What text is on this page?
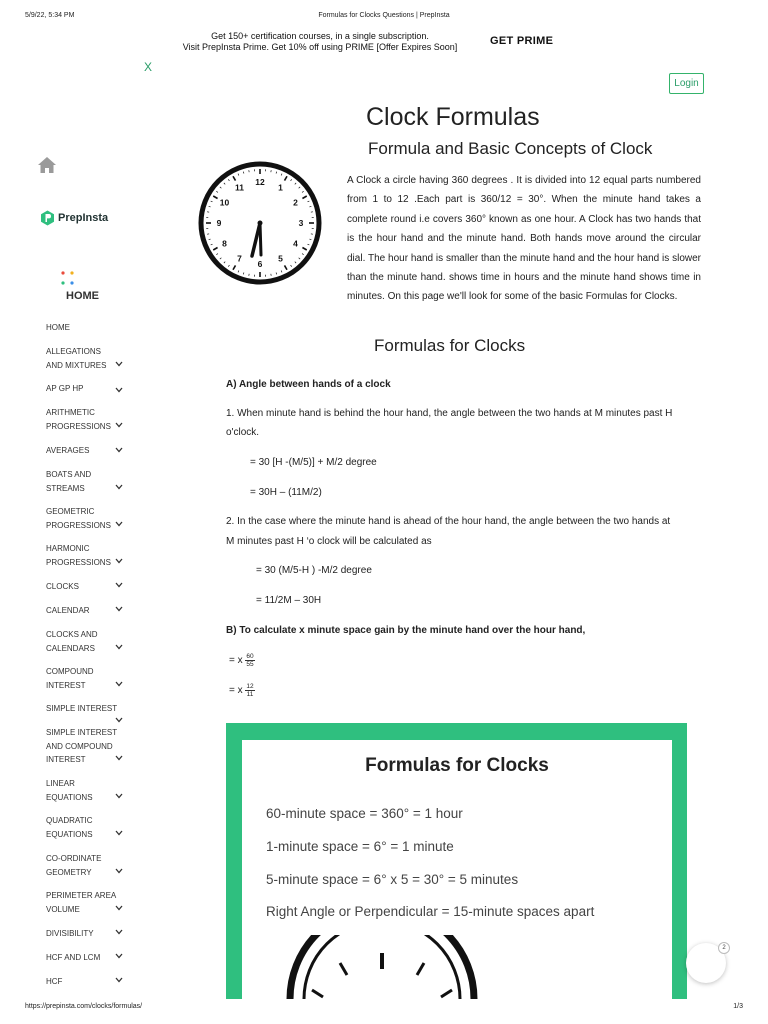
5/9/22, 5:34 PM	Formulas for Clocks Questions | PrepInsta
Get 150+ certification courses, in a single subscription.
Visit PrepInsta Prime. Get 10% off using PRIME [Offer Expires Soon]	GET PRIME
X
Login
PrepInsta
HOME
HOME
ALLEGATIONS
AND MIXTURES
AP GP HP
ARITHMETIC
PROGRESSIONS
AVERAGES
BOATS AND
STREAMS
GEOMETRIC
PROGRESSIONS
HARMONIC
PROGRESSIONS
CLOCKS
CALENDAR
CLOCKS AND
CALENDARS
COMPOUND
INTEREST
SIMPLE INTEREST
SIMPLE INTEREST
AND COMPOUND
INTEREST
LINEAR
EQUATIONS
QUADRATIC
EQUATIONS
CO-ORDINATE
GEOMETRY
PERIMETER AREA
VOLUME
DIVISIBILITY
HCF AND LCM
HCF
Clock Formulas
Formula and Basic Concepts of Clock
12
1
2
3
4
5
6
7
8
9
10
11
A Clock a circle having 360 degrees . It is divided into 12 equal parts numbered from 1 to 12 .Each part is 360/12 = 30°. When the minute hand takes a complete round i.e covers 360° known as one hour. A Clock has two hands that is the hour hand and the minute hand. Both hands move around the circular dial. The hour hand is smaller than the minute hand and the hour hand is slower than the minute hand. shows time in hours and the minute hand shows time in minutes. On this page we'll look for some of the basic Formulas for Clocks.
Formulas for Clocks
A) Angle between hands of a clock
1. When minute hand is behind the hour hand, the angle between the two hands at M minutes past H
o'clock.
= 30 [H -(M/5)] + M/2 degree
= 30H – (11M/2)
2. In the case where the minute hand is ahead of the hour hand, the angle between the two hands at
M minutes past H ‘o clock will be calculated as
= 30 (M/5-H ) -M/2 degree
= 11/2M – 30H
B) To calculate x minute space gain by the minute hand over the hour hand,
= x $\frac{60}{55}$
= x $\frac{12}{11}$
Formulas for Clocks
60-minute space = 360° = 1 hour
1-minute space = 6° = 1 minute
5-minute space = 6° x 5 = 30° = 5 minutes
Right Angle or Perpendicular = 15-minute spaces apart
2
https://prepinsta.com/clocks/formulas/	1/3
